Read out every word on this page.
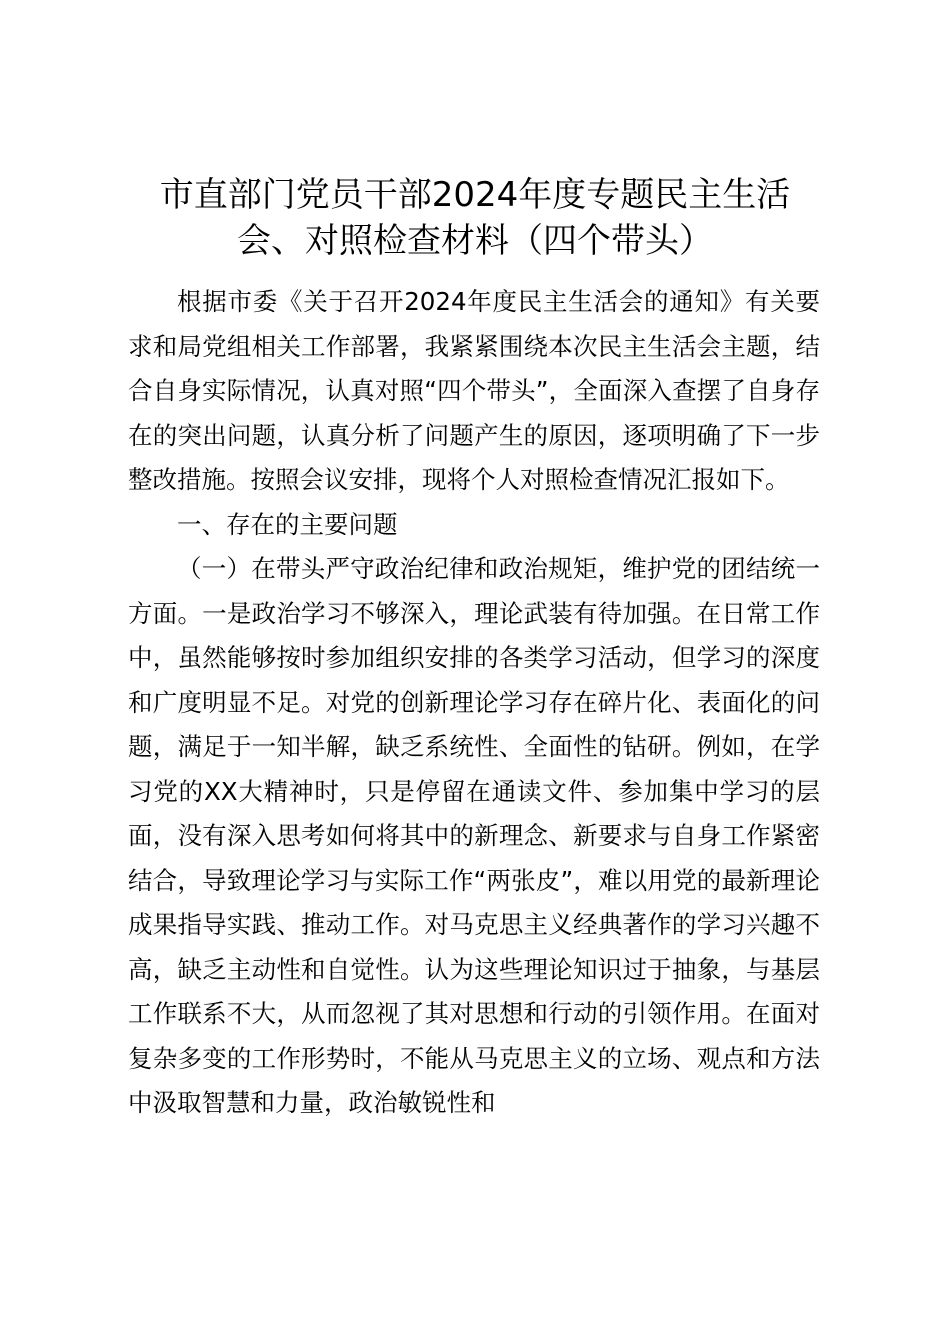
市直部门党员干部2024年度专题民主生活会、对照检查材料（四个带头）

根据市委《关于召开2024年度民主生活会的通知》有关要求和局党组相关工作部署，我紧紧围绕本次民主生活会主题，结合自身实际情况，认真对照“四个带头”，全面深入查摆了自身存在的突出问题，认真分析了问题产生的原因，逐项明确了下一步整改措施。按照会议安排，现将个人对照检查情况汇报如下。

一、存在的主要问题

（一）在带头严守政治纪律和政治规矩，维护党的团结统一方面。一是政治学习不够深入，理论武装有待加强。在日常工作中，虽然能够按时参加组织安排的各类学习活动，但学习的深度和广度明显不足。对党的创新理论学习存在碎片化、表面化的问题，满足于一知半解，缺乏系统性、全面性的钻研。例如，在学习党的XX大精神时，只是停留在通读文件、参加集中学习的层面，没有深入思考如何将其中的新理念、新要求与自身工作紧密结合，导致理论学习与实际工作“两张皮”，难以用党的最新理论成果指导实践、推动工作。对马克思主义经典著作的学习兴趣不高，缺乏主动性和自觉性。认为这些理论知识过于抽象，与基层工作联系不大，从而忽视了其对思想和行动的引领作用。在面对复杂多变的工作形势时，不能从马克思主义的立场、观点和方法中汲取智慧和力量，政治敏锐性和
